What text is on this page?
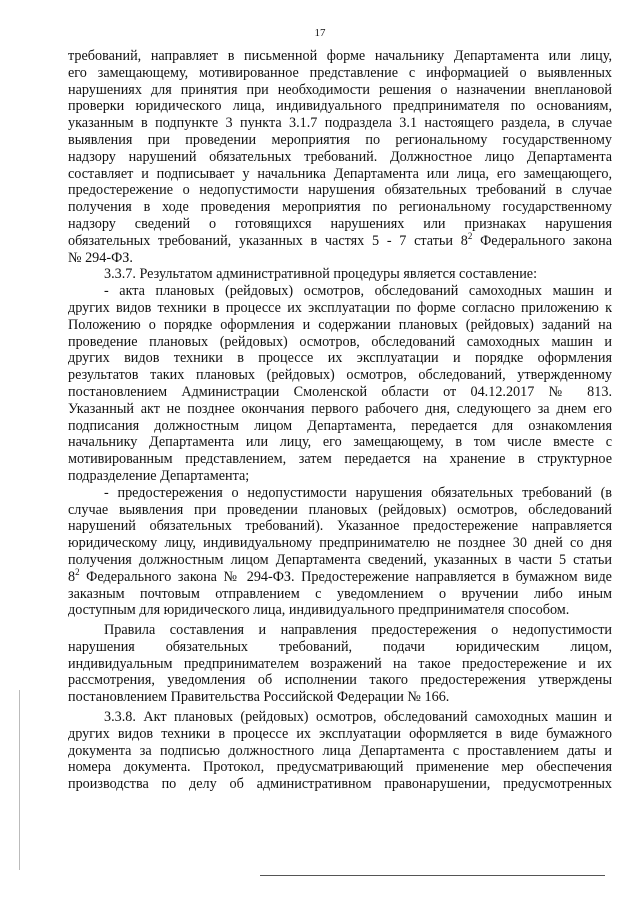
17

требований, направляет в письменной форме начальнику Департамента или лицу,

его замещающему, мотивированное представление с информацией о выявленных

нарушениях для принятия при необходимости решения о назначении внеплановой

проверки юридического лица, индивидуального предпринимателя по основаниям,

указанным в подпункте 3 пункта 3.1.7 подраздела 3.1 настоящего раздела, в случае

выявления при проведении мероприятия по региональному государственному

надзору нарушений обязательных требований. Должностное лицо Департамента

составляет и подписывает у начальника Департамента или лица, его замещающего,

предостережение о недопустимости нарушения обязательных требований в случае

получения в ходе проведения мероприятия по региональному государственному

надзору сведений о готовящихся нарушениях или признаках нарушения

обязательных требований, указанных в частях 5 - 7 статьи $8^2$ Федерального закона

№ 294-ФЗ.

3.3.7. Результатом административной процедуры является составление:

- акта плановых (рейдовых) осмотров, обследований самоходных машин и

других видов техники в процессе их эксплуатации по форме согласно приложению к

Положению о порядке оформления и содержании плановых (рейдовых) заданий на

проведение плановых (рейдовых) осмотров, обследований самоходных машин и

других видов техники в процессе их эксплуатации и порядке оформления

результатов таких плановых (рейдовых) осмотров, обследований, утвержденному

постановлением Администрации Смоленской области от 04.12.2017 № 813.

Указанный акт не позднее окончания первого рабочего дня, следующего за днем его

подписания должностным лицом Департамента, передается для ознакомления

начальнику Департамента или лицу, его замещающему, в том числе вместе с

мотивированным представлением, затем передается на хранение в структурное

подразделение Департамента;

- предостережения о недопустимости нарушения обязательных требований (в

случае выявления при проведении плановых (рейдовых) осмотров, обследований

нарушений обязательных требований). Указанное предостережение направляется

юридическому лицу, индивидуальному предпринимателю не позднее 30 дней со дня

получения должностным лицом Департамента сведений, указанных в части 5 статьи

$8^2$ Федерального закона № 294-ФЗ. Предостережение направляется в бумажном виде

заказным почтовым отправлением с уведомлением о вручении либо иным

доступным для юридического лица, индивидуального предпринимателя способом.

Правила составления и направления предостережения о недопустимости

нарушения обязательных требований, подачи юридическим лицом,

индивидуальным предпринимателем возражений на такое предостережение и их

рассмотрения, уведомления об исполнении такого предостережения утверждены

постановлением Правительства Российской Федерации № 166.

3.3.8. Акт плановых (рейдовых) осмотров, обследований самоходных машин и

других видов техники в процессе их эксплуатации оформляется в виде бумажного

документа за подписью должностного лица Департамента с проставлением даты и

номера документа. Протокол, предусматривающий применение мер обеспечения

производства по делу об административном правонарушении, предусмотренных
